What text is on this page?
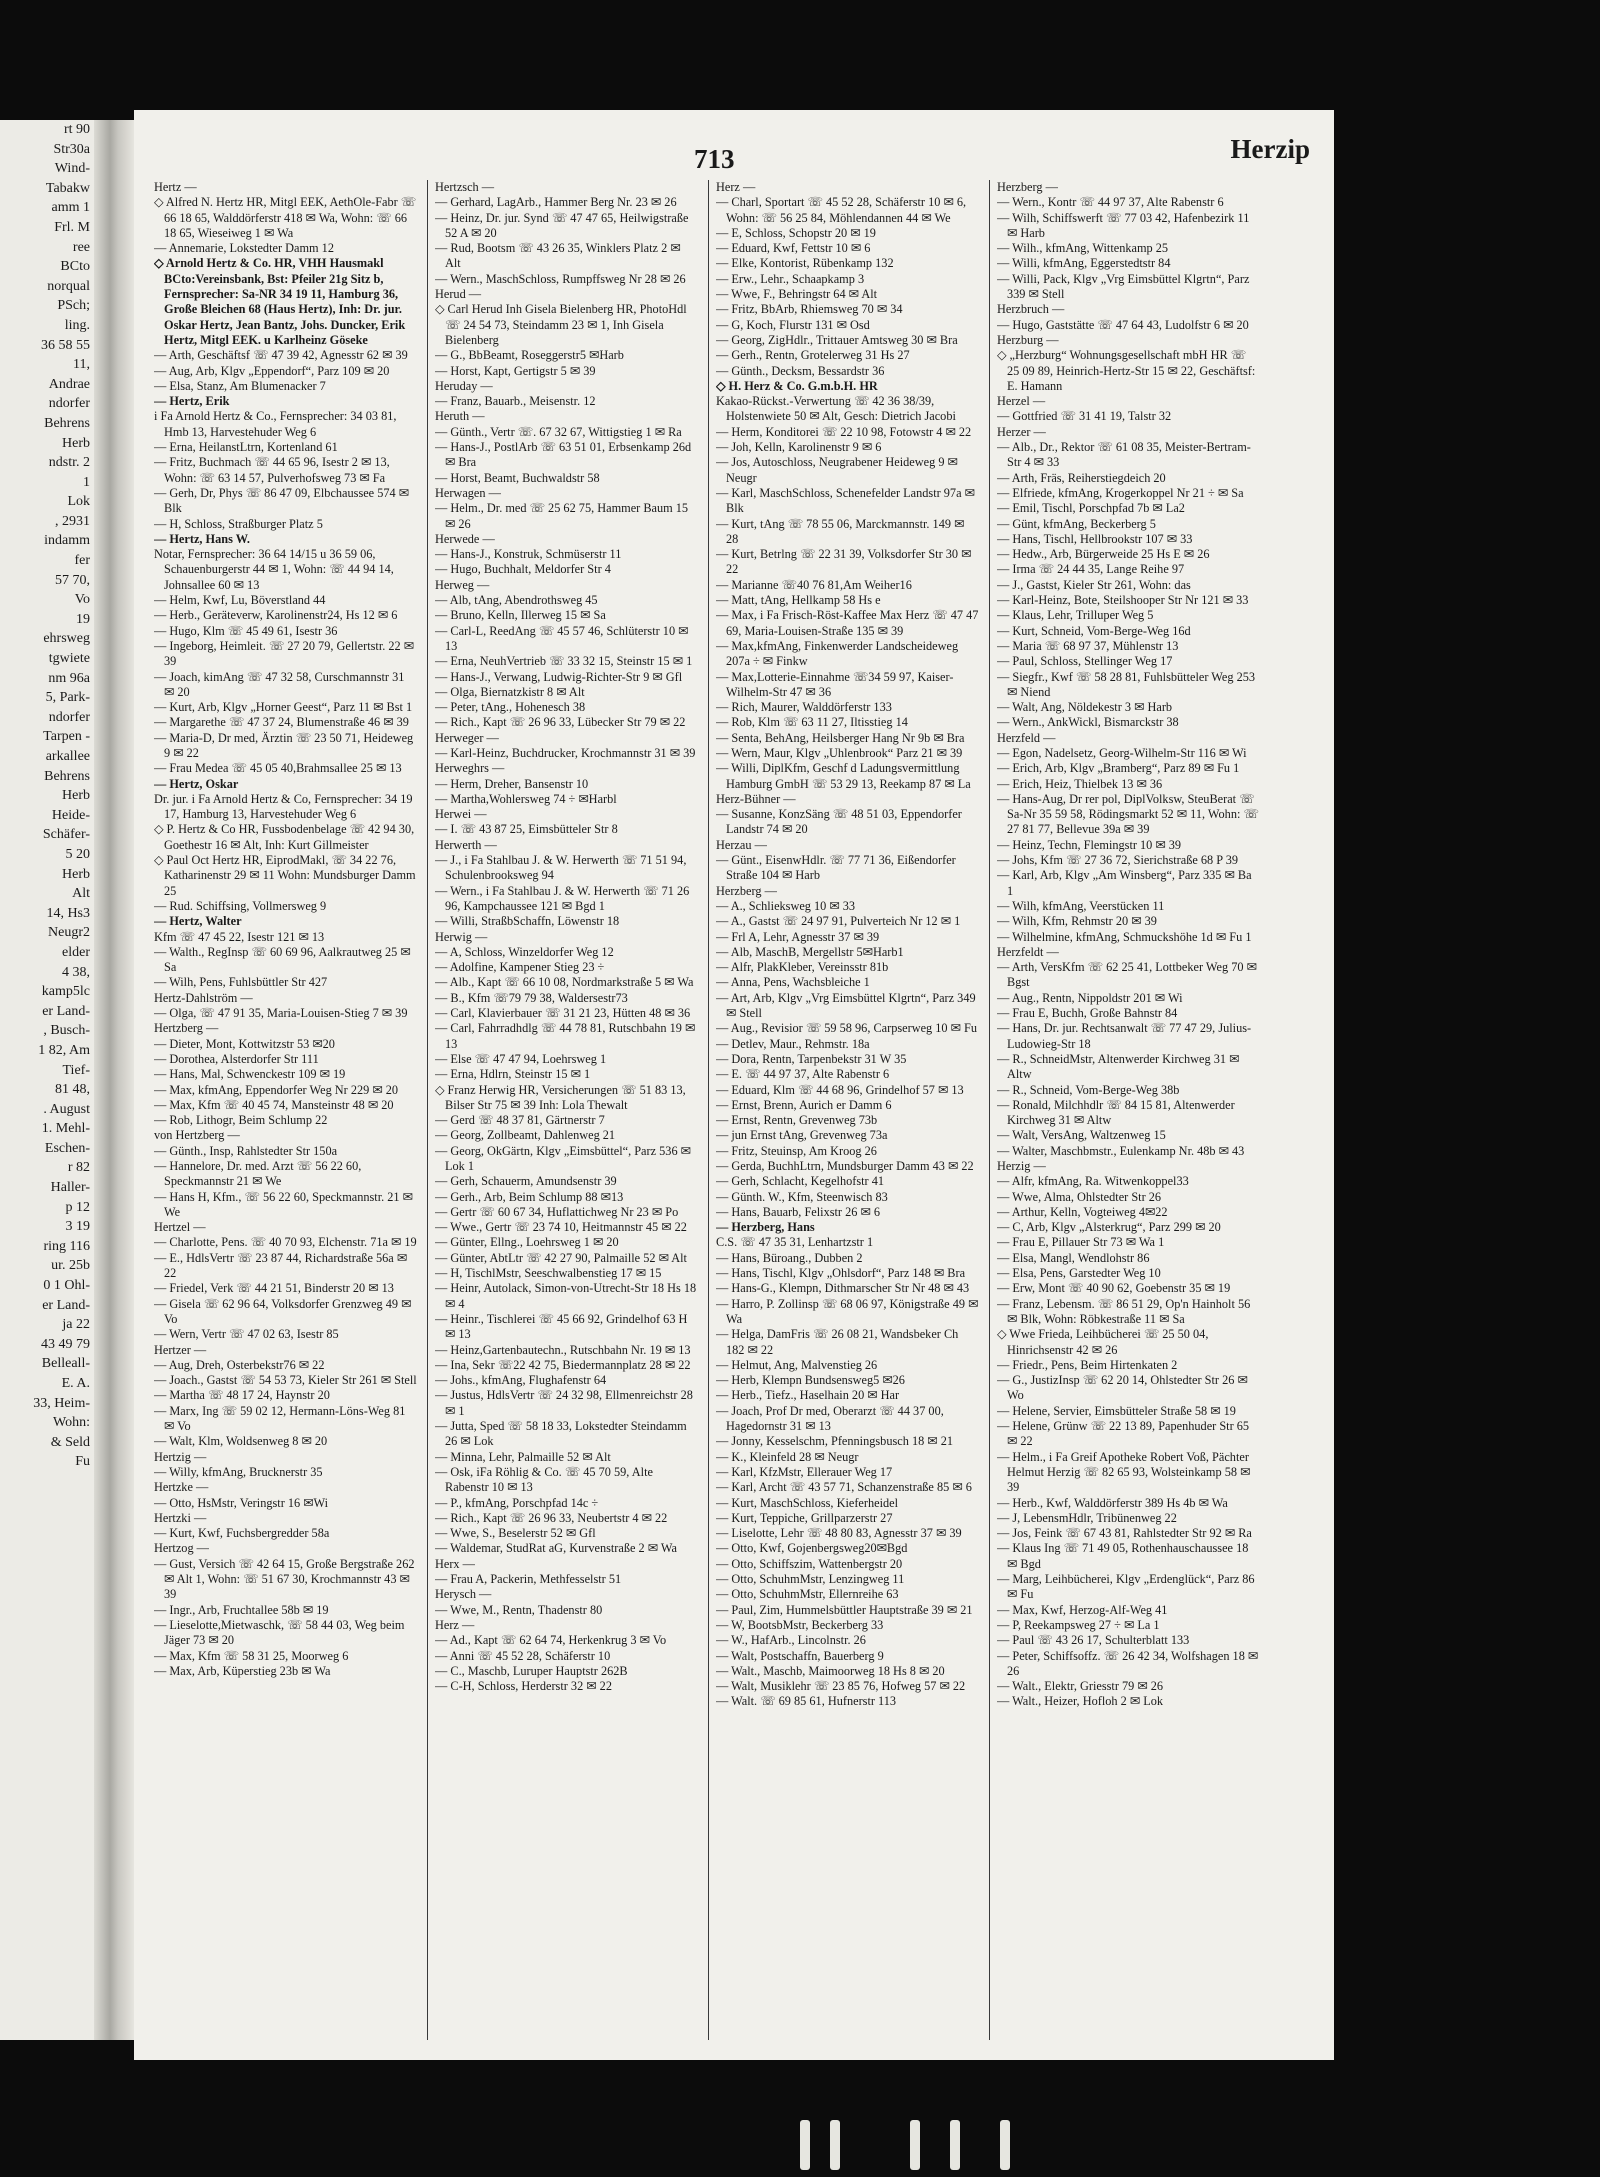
rt 90
Str30a
Wind-
Tabakw
amm 1
Frl. M
ree
BCto
norqual
PSch;
ling.
36 58 55
11,
Andrae
ndorfer
Behrens
Herb
ndstr. 2
1
Lok
, 2931
indamm
fer
57 70,
Vo
19
ehrsweg
tgwiete
nm 96a
5, Park-
ndorfer
Tarpen -
arkallee
Behrens
Herb
Heide-
Schäfer-
5 20
Herb
Alt
14, Hs3
Neugr2
elder
4 38,
kamp5lc
er Land-
, Busch-
1 82, Am
Tief-
81 48,
. August
1. Mehl-
Eschen-
r 82
Haller-
p 12
3 19
ring 116
ur. 25b
0 1 Ohl-
er Land-
ja 22
43 49 79
Belleall-
E. A.
33, Heim-
Wohn:
& Seld
Fu
713	Herzip

Hertz —

◇ Alfred N. Hertz HR, Mitgl EEK, AethOle-Fabr ☏ 66 18 65, Walddörferstr 418 ✉ Wa, Wohn: ☏ 66 18 65, Wieseiweg 1 ✉ Wa

— Annemarie, Lokstedter Damm 12

◇ Arnold Hertz & Co. HR, VHH Hausmakl BCto:Vereinsbank, Bst: Pfeiler 21g Sitz b, Fernsprecher: Sa-NR 34 19 11, Hamburg 36, Große Bleichen 68 (Haus Hertz), Inh: Dr. jur. Oskar Hertz, Jean Bantz, Johs. Duncker, Erik Hertz, Mitgl EEK. u Karlheinz Göseke

— Arth, Geschäftsf ☏ 47 39 42, Agnesstr 62 ✉ 39

— Aug, Arb, Klgv „Eppendorf“, Parz 109 ✉ 20

— Elsa, Stanz, Am Blumenacker 7

— Hertz, Erik

i Fa Arnold Hertz & Co., Fernsprecher: 34 03 81, Hmb 13, Harvestehuder Weg 6

— Erna, HeilanstLtrn, Kortenland 61

— Fritz, Buchmach ☏ 44 65 96, Isestr 2 ✉ 13, Wohn: ☏ 63 14 57, Pulverhofsweg 73 ✉ Fa

— Gerh, Dr, Phys ☏ 86 47 09, Elbchaussee 574 ✉ Blk

— H, Schloss, Straßburger Platz 5

— Hertz, Hans W.

Notar, Fernsprecher: 36 64 14/15 u 36 59 06, Schauenburgerstr 44 ✉ 1, Wohn: ☏ 44 94 14, Johnsallee 60 ✉ 13

— Helm, Kwf, Lu, Böverstland 44

— Herb., Geräteverw, Karolinenstr24, Hs 12 ✉ 6

— Hugo, Klm ☏ 45 49 61, Isestr 36

— Ingeborg, Heimleit. ☏ 27 20 79, Gellertstr. 22 ✉ 39

— Joach, kimAng ☏ 47 32 58, Curschmannstr 31 ✉ 20

— Kurt, Arb, Klgv „Horner Geest“, Parz 11 ✉ Bst 1

— Margarethe ☏ 47 37 24, Blumenstraße 46 ✉ 39

— Maria-D, Dr med, Ärztin ☏ 23 50 71, Heideweg 9 ✉ 22

— Frau Medea ☏ 45 05 40,Brahmsallee 25 ✉ 13

— Hertz, Oskar

Dr. jur. i Fa Arnold Hertz & Co, Fernsprecher: 34 19 17, Hamburg 13, Harvestehuder Weg 6

◇ P. Hertz & Co HR, Fussbodenbelage ☏ 42 94 30, Goethestr 16 ✉ Alt, Inh: Kurt Gillmeister

◇ Paul Oct Hertz HR, EiprodMakl, ☏ 34 22 76, Katharinenstr 29 ✉ 11 Wohn: Mundsburger Damm 25

— Rud. Schiffsing, Vollmersweg 9

— Hertz, Walter

Kfm ☏ 47 45 22, Isestr 121 ✉ 13

— Walth., RegInsp ☏ 60 69 96, Aalkrautweg 25 ✉ Sa

— Wilh, Pens, Fuhlsbüttler Str 427

Hertz-Dahlström —

— Olga, ☏ 47 91 35, Maria-Louisen-Stieg 7 ✉ 39

Hertzberg —

— Dieter, Mont, Kottwitzstr 53 ✉20

— Dorothea, Alsterdorfer Str 111

— Hans, Mal, Schwenckestr 109 ✉ 19

— Max, kfmAng, Eppendorfer Weg Nr 229 ✉ 20

— Max, Kfm ☏ 40 45 74, Mansteinstr 48 ✉ 20

— Rob, Lithogr, Beim Schlump 22

von Hertzberg —

— Günth., Insp, Rahlstedter Str 150a

— Hannelore, Dr. med. Arzt ☏ 56 22 60, Speckmannstr 21 ✉ We

— Hans H, Kfm., ☏ 56 22 60, Speckmannstr. 21 ✉ We

Hertzel —

— Charlotte, Pens. ☏ 40 70 93, Elchenstr. 71a ✉ 19

— E., HdlsVertr ☏ 23 87 44, Richardstraße 56a ✉ 22

— Friedel, Verk ☏ 44 21 51, Binderstr 20 ✉ 13

— Gisela ☏ 62 96 64, Volksdorfer Grenzweg 49 ✉ Vo

— Wern, Vertr ☏ 47 02 63, Isestr 85

Hertzer —

— Aug, Dreh, Osterbekstr76 ✉ 22

— Joach., Gastst ☏ 54 53 73, Kieler Str 261 ✉ Stell

— Martha ☏ 48 17 24, Haynstr 20

— Marx, Ing ☏ 59 02 12, Hermann-Löns-Weg 81 ✉ Vo

— Walt, Klm, Woldsenweg 8 ✉ 20

Hertzig —

— Willy, kfmAng, Brucknerstr 35

Hertzke —

— Otto, HsMstr, Veringstr 16 ✉Wi

Hertzki —

— Kurt, Kwf, Fuchsbergredder 58a

Hertzog —

— Gust, Versich ☏ 42 64 15, Große Bergstraße 262 ✉ Alt 1, Wohn: ☏ 51 67 30, Krochmannstr 43 ✉39

— Ingr., Arb, Fruchtallee 58b ✉ 19

— Lieselotte,Mietwaschk, ☏ 58 44 03, Weg beim Jäger 73 ✉ 20

— Max, Kfm ☏ 58 31 25, Moorweg 6

— Max, Arb, Küperstieg 23b ✉ Wa

Hertzsch —

— Gerhard, LagArb., Hammer Berg Nr. 23 ✉ 26

— Heinz, Dr. jur. Synd ☏ 47 47 65, Heilwigstraße 52 A ✉ 20

— Rud, Bootsm ☏ 43 26 35, Winklers Platz 2 ✉ Alt

— Wern., MaschSchloss, Rumpffsweg Nr 28 ✉ 26

Herud —

◇ Carl Herud Inh Gisela Bielenberg HR, PhotoHdl ☏ 24 54 73, Steindamm 23 ✉ 1, Inh Gisela Bielenberg

— G., BbBeamt, Roseggerstr5 ✉Harb

— Horst, Kapt, Gertigstr 5 ✉ 39

Heruday —

— Franz, Bauarb., Meisenstr. 12

Heruth —

— Günth., Vertr ☏. 67 32 67, Wittigstieg 1 ✉ Ra

— Hans-J., PostlArb ☏ 63 51 01, Erbsenkamp 26d ✉ Bra

— Horst, Beamt, Buchwaldstr 58

Herwagen —

— Helm., Dr. med ☏ 25 62 75, Hammer Baum 15 ✉ 26

Herwede —

— Hans-J., Konstruk, Schmüserstr 11

— Hugo, Buchhalt, Meldorfer Str 4

Herweg —

— Alb, tAng, Abendrothsweg 45

— Bruno, Kelln, Illerweg 15 ✉ Sa

— Carl-L, ReedAng ☏ 45 57 46, Schlüterstr 10 ✉ 13

— Erna, NeuhVertrieb ☏ 33 32 15, Steinstr 15 ✉ 1

— Hans-J., Verwang, Ludwig-Richter-Str 9 ✉ Gfl

— Olga, Biernatzkistr 8 ✉ Alt

— Peter, tAng., Hohenesch 38

— Rich., Kapt ☏ 26 96 33, Lübecker Str 79 ✉ 22

Herweger —

— Karl-Heinz, Buchdrucker, Krochmannstr 31 ✉ 39

Herweghrs —

— Herm, Dreher, Bansenstr 10

— Martha,Wohlersweg 74 ÷ ✉Harbl

Herwei —

— I. ☏ 43 87 25, Eimsbütteler Str 8

Herwerth —

— J., i Fa Stahlbau J. & W. Herwerth ☏ 71 51 94, Schulenbrooksweg 94

— Wern., i Fa Stahlbau J. & W. Herwerth ☏ 71 26 96, Kampchaussee 121 ✉ Bgd 1

— Willi, StraßbSchaffn, Löwenstr 18

Herwig —

— A, Schloss, Winzeldorfer Weg 12

— Adolfine, Kampener Stieg 23 ÷

— Alb., Kapt ☏ 66 10 08, Nordmarkstraße 5 ✉ Wa

— B., Kfm ☏79 79 38, Waldersestr73

— Carl, Klavierbauer ☏ 31 21 23, Hütten 48 ✉ 36

— Carl, Fahrradhdlg ☏ 44 78 81, Rutschbahn 19 ✉ 13

— Else ☏ 47 47 94, Loehrsweg 1

— Erna, Hdlrn, Steinstr 15 ✉ 1

◇ Franz Herwig HR, Versicherungen ☏ 51 83 13, Bilser Str 75 ✉ 39 Inh: Lola Thewalt

— Gerd ☏ 48 37 81, Gärtnerstr 7

— Georg, Zollbeamt, Dahlenweg 21

— Georg, OkGärtn, Klgv „Eimsbüttel“, Parz 536 ✉ Lok 1

— Gerh, Schauerm, Amundsenstr 39

— Gerh., Arb, Beim Schlump 88 ✉13

— Gertr ☏ 60 67 34, Huflattichweg Nr 23 ✉ Po

— Wwe., Gertr ☏ 23 74 10, Heitmannstr 45 ✉ 22

— Günter, Ellng., Loehrsweg 1 ✉ 20

— Günter, AbtLtr ☏ 42 27 90, Palmaille 52 ✉ Alt

— H, TischlMstr, Seeschwalbenstieg 17 ✉ 15

— Heinr, Autolack, Simon-von-Utrecht-Str 18 Hs 18 ✉ 4

— Heinr., Tischlerei ☏ 45 66 92, Grindelhof 63 H ✉ 13

— Heinz,Gartenbautechn., Rutschbahn Nr. 19 ✉ 13

— Ina, Sekr ☏22 42 75, Biedermannplatz 28 ✉ 22

— Johs., kfmAng, Flughafenstr 64

— Justus, HdlsVertr ☏ 24 32 98, Ellmenreichstr 28 ✉ 1

— Jutta, Sped ☏ 58 18 33, Lokstedter Steindamm 26 ✉ Lok

— Minna, Lehr, Palmaille 52 ✉ Alt

— Osk, iFa Röhlig & Co. ☏ 45 70 59, Alte Rabenstr 10 ✉ 13

— P., kfmAng, Porschpfad 14c ÷

— Rich., Kapt ☏ 26 96 33, Neubertstr 4 ✉ 22

— Wwe, S., Beselerstr 52 ✉ Gfl

— Waldemar, StudRat aG, Kurvenstraße 2 ✉ Wa

Herx —

— Frau A, Packerin, Methfesselstr 51

Herysch —

— Wwe, M., Rentn, Thadenstr 80

Herz —

— Ad., Kapt ☏ 62 64 74, Herkenkrug 3 ✉ Vo

— Anni ☏ 45 52 28, Schäferstr 10

— C., Maschb, Luruper Hauptstr 262B

— C-H, Schloss, Herderstr 32 ✉ 22

Herz —

— Charl, Sportart ☏ 45 52 28, Schäferstr 10 ✉ 6, Wohn: ☏ 56 25 84, Möhlendannen 44 ✉ We

— E, Schloss, Schopstr 20 ✉ 19

— Eduard, Kwf, Fettstr 10 ✉ 6

— Elke, Kontorist, Rübenkamp 132

— Erw., Lehr., Schaapkamp 3

— Wwe, F., Behringstr 64 ✉ Alt

— Fritz, BbArb, Rhiemsweg 70 ✉ 34

— G, Koch, Flurstr 131 ✉ Osd

— Georg, ZigHdlr., Trittauer Amtsweg 30 ✉ Bra

— Gerh., Rentn, Grotelerweg 31 Hs 27

— Günth., Decksm, Bessardstr 36

◇ H. Herz & Co. G.m.b.H. HR

Kakao-Rückst.-Verwertung ☏ 42 36 38/39, Holstenwiete 50 ✉ Alt, Gesch: Dietrich Jacobi

— Herm, Konditorei ☏ 22 10 98, Fotowstr 4 ✉ 22

— Joh, Kelln, Karolinenstr 9 ✉ 6

— Jos, Autoschloss, Neugrabener Heideweg 9 ✉ Neugr

— Karl, MaschSchloss, Schenefelder Landstr 97a ✉ Blk

— Kurt, tAng ☏ 78 55 06, Marckmannstr. 149 ✉ 28

— Kurt, Betrlng ☏ 22 31 39, Volksdorfer Str 30 ✉ 22

— Marianne ☏40 76 81,Am Weiher16

— Matt, tAng, Hellkamp 58 Hs e

— Max, i Fa Frisch-Röst-Kaffee Max Herz ☏ 47 47 69, Maria-Louisen-Straße 135 ✉ 39

— Max,kfmAng, Finkenwerder Landscheideweg 207a ÷ ✉ Finkw

— Max,Lotterie-Einnahme ☏34 59 97, Kaiser-Wilhelm-Str 47 ✉ 36

— Rich, Maurer, Walddörferstr 133

— Rob, Klm ☏ 63 11 27, Iltisstieg 14

— Senta, BehAng, Heilsberger Hang Nr 9b ✉ Bra

— Wern, Maur, Klgv „Uhlenbrook“ Parz 21 ✉ 39

— Willi, DiplKfm, Geschf d Ladungsvermittlung Hamburg GmbH ☏ 53 29 13, Reekamp 87 ✉ La

Herz-Bühner —

— Susanne, KonzSäng ☏ 48 51 03, Eppendorfer Landstr 74 ✉ 20

Herzau —

— Günt., EisenwHdlr. ☏ 77 71 36, Eißendorfer Straße 104 ✉ Harb

Herzberg —

— A., Schlieksweg 10 ✉ 33

— A., Gastst ☏ 24 97 91, Pulverteich Nr 12 ✉ 1

— Frl A, Lehr, Agnesstr 37 ✉ 39

— Alb, MaschB, Mergellstr 5✉Harb1

— Alfr, PlakKleber, Vereinsstr 81b

— Anna, Pens, Wachsbleiche 1

— Art, Arb, Klgv „Vrg Eimsbüttel Klgrtn“, Parz 349 ✉ Stell

— Aug., Revisior ☏ 59 58 96, Carpserweg 10 ✉ Fu

— Detlev, Maur., Rehmstr. 18a

— Dora, Rentn, Tarpenbekstr 31 W 35

— E. ☏ 44 97 37, Alte Rabenstr 6

— Eduard, Klm ☏ 44 68 96, Grindelhof 57 ✉ 13

— Ernst, Brenn, Aurich er Damm 6

— Ernst, Rentn, Grevenweg 73b

— jun Ernst tAng, Grevenweg 73a

— Fritz, Steuinsp, Am Kroog 26

— Gerda, BuchhLtrn, Mundsburger Damm 43 ✉ 22

— Gerh, Schlacht, Kegelhofstr 41

— Günth. W., Kfm, Steenwisch 83

— Hans, Bauarb, Felixstr 26 ✉ 6

— Herzberg, Hans

C.S. ☏ 47 35 31, Lenhartzstr 1

— Hans, Büroang., Dubben 2

— Hans, Tischl, Klgv „Ohlsdorf“, Parz 148 ✉ Bra

— Hans-G., Klempn, Dithmarscher Str Nr 48 ✉ 43

— Harro, P. Zollinsp ☏ 68 06 97, Königstraße 49 ✉ Wa

— Helga, DamFris ☏ 26 08 21, Wandsbeker Ch 182 ✉ 22

— Helmut, Ang, Malvenstieg 26

— Herb, Klempn Bundsensweg5 ✉26

— Herb., Tiefz., Haselhain 20 ✉ Har

— Joach, Prof Dr med, Oberarzt ☏ 44 37 00, Hagedornstr 31 ✉ 13

— Jonny, Kesselschm, Pfenningsbusch 18 ✉ 21

— K., Kleinfeld 28 ✉ Neugr

— Karl, KfzMstr, Ellerauer Weg 17

— Karl, Archt ☏ 43 57 71, Schanzenstraße 85 ✉ 6

— Kurt, MaschSchloss, Kieferheidel

— Kurt, Teppiche, Grillparzerstr 27

— Liselotte, Lehr ☏ 48 80 83, Agnesstr 37 ✉ 39

— Otto, Kwf, Gojenbergsweg20✉Bgd

— Otto, Schiffszim, Wattenbergstr 20

— Otto, SchuhmMstr, Lenzingweg 11

— Otto, SchuhmMstr, Ellernreihe 63

— Paul, Zim, Hummelsbüttler Hauptstraße 39 ✉ 21

— W, BootsbMstr, Beckerberg 33

— W., HafArb., Lincolnstr. 26

— Walt, Postschaffn, Bauerberg 9

— Walt., Maschb, Maimoorweg 18 Hs 8 ✉ 20

— Walt, Musiklehr ☏ 23 85 76, Hofweg 57 ✉ 22

— Walt. ☏ 69 85 61, Hufnerstr 113

Herzberg —

— Wern., Kontr ☏ 44 97 37, Alte Rabenstr 6

— Wilh, Schiffswerft ☏ 77 03 42, Hafenbezirk 11 ✉ Harb

— Wilh., kfmAng, Wittenkamp 25

— Willi, kfmAng, Eggerstedtstr 84

— Willi, Pack, Klgv „Vrg Eimsbüttel Klgrtn“, Parz 339 ✉ Stell

Herzbruch —

— Hugo, Gaststätte ☏ 47 64 43, Ludolfstr 6 ✉ 20

Herzburg —

◇ „Herzburg“ Wohnungsgesellschaft mbH HR ☏ 25 09 89, Heinrich-Hertz-Str 15 ✉ 22, Geschäftsf: E. Hamann

Herzel —

— Gottfried ☏ 31 41 19, Talstr 32

Herzer —

— Alb., Dr., Rektor ☏ 61 08 35, Meister-Bertram-Str 4 ✉ 33

— Arth, Fräs, Reiherstiegdeich 20

— Elfriede, kfmAng, Krogerkoppel Nr 21 ÷ ✉ Sa

— Emil, Tischl, Porschpfad 7b ✉ La2

— Günt, kfmAng, Beckerberg 5

— Hans, Tischl, Hellbrookstr 107 ✉ 33

— Hedw., Arb, Bürgerweide 25 Hs E ✉ 26

— Irma ☏ 24 44 35, Lange Reihe 97

— J., Gastst, Kieler Str 261, Wohn: das

— Karl-Heinz, Bote, Steilshooper Str Nr 121 ✉ 33

— Klaus, Lehr, Trilluper Weg 5

— Kurt, Schneid, Vom-Berge-Weg 16d

— Maria ☏ 68 97 37, Mühlenstr 13

— Paul, Schloss, Stellinger Weg 17

— Siegfr., Kwf ☏ 58 28 81, Fuhlsbütteler Weg 253 ✉ Niend

— Walt, Ang, Nöldekestr 3 ✉ Harb

— Wern., AnkWickl, Bismarckstr 38

Herzfeld —

— Egon, Nadelsetz, Georg-Wilhelm-Str 116 ✉ Wi

— Erich, Arb, Klgv „Bramberg“, Parz 89 ✉ Fu 1

— Erich, Heiz, Thielbek 13 ✉ 36

— Hans-Aug, Dr rer pol, DiplVolksw, SteuBerat ☏ Sa-Nr 35 59 58, Rödingsmarkt 52 ✉ 11, Wohn: ☏ 27 81 77, Bellevue 39a ✉ 39

— Heinz, Techn, Flemingstr 10 ✉ 39

— Johs, Kfm ☏ 27 36 72, Sierichstraße 68 P 39

— Karl, Arb, Klgv „Am Winsberg“, Parz 335 ✉ Ba 1

— Wilh, kfmAng, Veerstücken 11

— Wilh, Kfm, Rehmstr 20 ✉ 39

— Wilhelmine, kfmAng, Schmuckshöhe 1d ✉ Fu 1

Herzfeldt —

— Arth, VersKfm ☏ 62 25 41, Lottbeker Weg 70 ✉ Bgst

— Aug., Rentn, Nippoldstr 201 ✉ Wi

— Frau E, Buchh, Große Bahnstr 84

— Hans, Dr. jur. Rechtsanwalt ☏ 77 47 29, Julius-Ludowieg-Str 18

— R., SchneidMstr, Altenwerder Kirchweg 31 ✉ Altw

— R., Schneid, Vom-Berge-Weg 38b

— Ronald, Milchhdlr ☏ 84 15 81, Altenwerder Kirchweg 31 ✉ Altw

— Walt, VersAng, Waltzenweg 15

— Walter, Maschbmstr., Eulenkamp Nr. 48b ✉ 43

Herzig —

— Alfr, kfmAng, Ra. Witwenkoppel33

— Wwe, Alma, Ohlstedter Str 26

— Arthur, Kelln, Vogteiweg 4✉22

— C, Arb, Klgv „Alsterkrug“, Parz 299 ✉ 20

— Frau E, Pillauer Str 73 ✉ Wa 1

— Elsa, Mangl, Wendlohstr 86

— Elsa, Pens, Garstedter Weg 10

— Erw, Mont ☏ 40 90 62, Goebenstr 35 ✉ 19

— Franz, Lebensm. ☏ 86 51 29, Op'n Hainholt 56 ✉ Blk, Wohn: Röbkestraße 11 ✉ Sa

◇ Wwe Frieda, Leihbücherei ☏ 25 50 04, Hinrichsenstr 42 ✉ 26

— Friedr., Pens, Beim Hirtenkaten 2

— G., JustizInsp ☏ 62 20 14, Ohlstedter Str 26 ✉ Wo

— Helene, Servier, Eimsbütteler Straße 58 ✉ 19

— Helene, Grünw ☏ 22 13 89, Papenhuder Str 65 ✉ 22

— Helm., i Fa Greif Apotheke Robert Voß, Pächter Helmut Herzig ☏ 82 65 93, Wolsteinkamp 58 ✉ 39

— Herb., Kwf, Walddörferstr 389 Hs 4b ✉ Wa

— J, LebensmHdlr, Tribünenweg 22

— Jos, Feink ☏ 67 43 81, Rahlstedter Str 92 ✉ Ra

— Klaus Ing ☏ 71 49 05, Rothenhauschaussee 18 ✉ Bgd

— Marg, Leihbücherei, Klgv „Erdenglück“, Parz 86 ✉ Fu

— Max, Kwf, Herzog-Alf-Weg 41

— P, Reekampsweg 27 ÷ ✉ La 1

— Paul ☏ 43 26 17, Schulterblatt 133

— Peter, Schiffsoffz. ☏ 26 42 34, Wolfshagen 18 ✉ 26

— Walt., Elektr, Griesstr 79 ✉ 26

— Walt., Heizer, Hofloh 2 ✉ Lok
